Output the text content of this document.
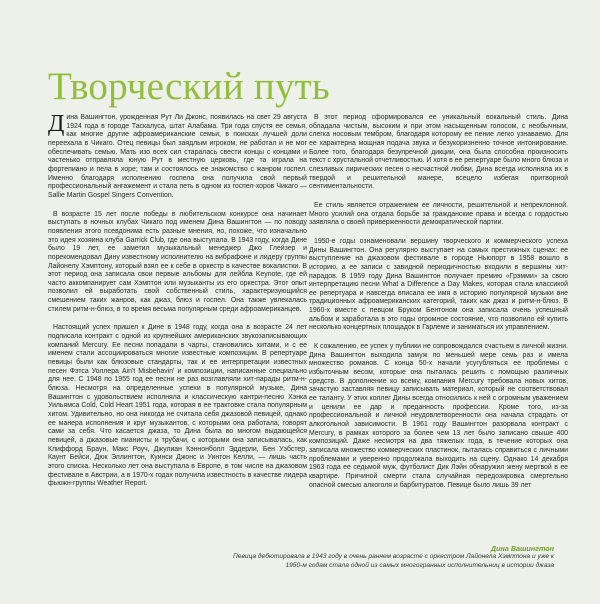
Творческий путь

Дина Вашингтон, урожденная Рут Ли Джонс, появилась на свет 29 августа 1924 года в городе Таскалуса, штат Алабама. Три года спустя ее семья, как многие другие афроамериканские семьи, в поисках лучшей доли переехала в Чикаго. Отец певицы был заядлым игроком, не работал и не мог обеспечивать семью. Мать изо всех сил старалась свести концы с концами и частенько отправляла юную Рут в местную церковь, где та играла на фортепиано и пела в хоре; там и состоялось ее знакомство с жанром госпел. Именно благодаря исполнению госпела она получила свой первый профессиональный ангажемент и стала петь в одном из госпел-хоров Чикаго — Sallie Martin Gospel Singers Convention.

В возрасте 15 лет после победы в любительском конкурсе она начинает выступать в ночных клубах Чикаго под именем Дина Вашингтон — по поводу появления этого псевдонима есть разные мнения, но, похоже, что изначально это идея хозяина клуба Garrick Club, где она выступала. В 1943 году, когда Дине было 19 лет, ее заметил музыкальный менеджер Джо Глейзер и порекомендовал Дину известному исполнителю на вибрафоне и лидеру группы Лайонелу Хэмптону, который взял ее к себе в оркестр в качестве вокалистки. В этот период она записала свои первые альбомы для лейбла Keynote, где ей часто аккомпанирует сам Хэмптон или музыканты из его оркестра. Этот опыт позволил ей выработать свой собственный стиль, характеризующийся смешением таких жанров, как джаз, блюз и госпел. Она также увлекалась стилем ритм-н-блюз, в то время весьма популярным среди афроамериканцев.

Настоящий успех пришел к Дине в 1948 году, когда она в возрасте 24 лет подписала контракт с одной из крупнейших американских звукозаписывающих компаний Mercury. Ее песни попадали в чарты, становились хитами, и с ее именем стали ассоциироваться многие известные композиции. В репертуаре певицы были как блюзовые стандарты, так и ее интерпретации известных песен Фэтса Уоллера Ain't Misbehavin' и композиции, написанные специально для нее. С 1948 по 1955 год ее песни не раз возглавляли хит-парады ритм-н-блюза. Несмотря на определенные успехи в популярной музыке, Дина Вашингтон с удовольствием исполняла и классическую кантри-песню Хэнка Уильямса Cold, Cold Heart 1951 года, которая в ее трактовке стала популярным хитом. Удивительно, но она никогда не считала себя джазовой певицей, однако ее манера исполнения и круг музыкантов, с которыми она работала, говорят сами за себя. Что касается джаза, то Дина была во многом выдающейся певицей, а джазовые пианисты и трубачи, с которыми она записывалась, как Клиффорд Браун, Макс Роуч, Джулиан Кэннонболл Эддерли, Бен Уэбстер, Каунт Бейси, Дюк Эллингтон, Куинси Джонс и Уинтон Келли, — лишь часть этого списка. Несколько лет она выступала в Европе, в том числе на джазовом фестивале в Австрии, а в 1970-х годах получила известность в качестве лидера фьюжн-группы Weather Report.

В этот период сформировался ее уникальный вокальный стиль. Дина обладала чистым, высоким и при этом насыщенным голосом, с необычным, слегка носовым тембром, благодаря которому ее пение легко узнаваемо. Для ее характерна мощная подача звука и безукоризненно точное интонирование. Более того, благодаря безупречной дикции, она была способна произносить текст с хрустальной отчетливостью. И хотя в ее репертуаре было много блюза и слезливых лирических песен о несчастной любви, Дина всегда исполняла их в твердой и решительной манере, всецело избегая притворной сентиментальности.

Ее стиль является отражением ее личности, решительной и непреклонной. Много усилий она отдала борьбе за гражданские права и всегда с гордостью заявляла о своей приверженности демократической партии.

1950-е годы ознаменовали вершину творческого и коммерческого успеха Дины Вашингтон. Она регулярно выступает на самых престижных сценах: ее выступление на джазовом фестивале в городе Ньюпорт в 1958 вошло в историю, а ее записи с завидной периодичностью входили в вершины хит-парадов. В 1959 году Дина Вашингтон получает премию «Грэмми» за свою интерпретацию песни What a Difference a Day Makes, которая стала классикой ее репертуара и навсегда вписала ее имя в историю популярной музыки вне традиционных афроамериканских категорий, таких как джаз и ритм-н-блюз. В 1960-х вместе с певцом Бруком Бентоном она записала очень успешный альбом и заработала в это годы огромное состояние, что позволило ей купить несколько концертных площадок в Гарлеме и заниматься их управлением.

К сожалению, ее успех у публики не сопровождался счастьем в личной жизни. Дина Вашингтон выходила замуж по меньшей мере семь раз и имела множество романов. С конца 50-х начали усугубляться ее проблемы с избыточным весом, которые она пыталась решить с помощью различных средств. В дополнение ко всему, компания Mercury требовала новых хитов, зачастую заставляя певицу записывать материал, который не соответствовал ее таланту. У этих коллег Дины всегда относились к ней с огромным уважением и ценили ее дар и преданность профессии. Кроме того, из-за профессиональной и личной неудовлетворенности она начала страдать от алкогольной зависимости. В 1961 году Вашингтон разорвала контракт с Mercury, в рамках которого за более чем 13 лет было записано свыше 400 композиций. Даже несмотря на два тяжелых года, в течение которых она записала множество коммерческих пластинок, пыталась справиться с личными проблемами и уверенно продолжала выходить на сцену. Однако 14 декабря 1963 года ее седьмой муж, футболист Дик Лэйн обнаружил жену мертвой в ее квартире. Причиной смерти стала случайная передозировка смертельно опасной смесью алкоголя и барбитуратов. Певице было лишь 39 лет

Дина Вашингтон
Певица дебютировала в 1943 году в очень раннем возрасте с оркестром Лайонела Хэмптона и уже к 1950-м годам стала одной из самых многогранных исполнительниц в истории джаза
